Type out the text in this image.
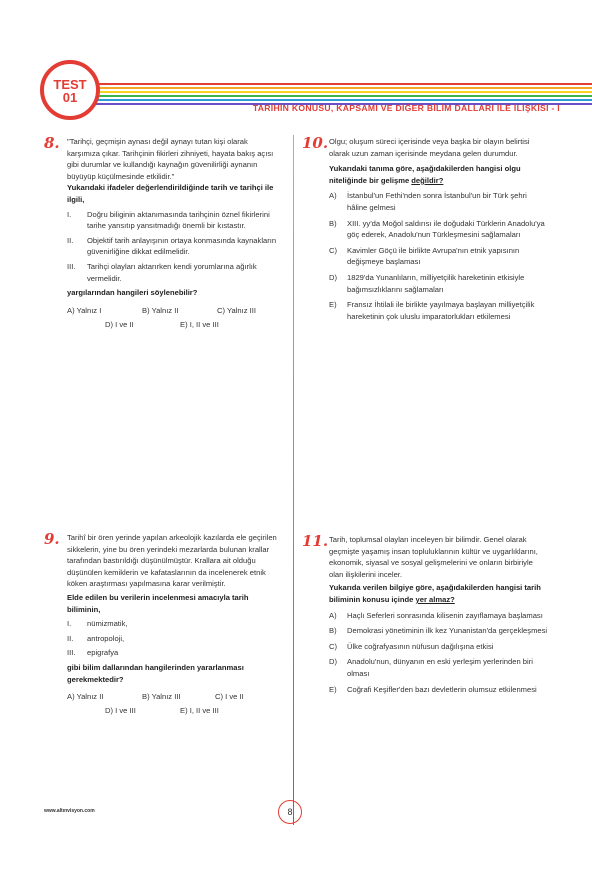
TEST
01
TARİHİN KONUSU, KAPSAMI VE DİĞER BİLİM DALLARI İLE İLİŞKİSİ - I
8. "Tarihçi, geçmişin aynası değil aynayı tutan kişi olarak karşımıza çıkar. Tarihçinin fikirleri zihniyeti, hayata bakış açısı gibi durumlar ve kullandığı kaynağın güvenilirliği aynanın büyüyüp küçülmesinde etkilidir."

Yukarıdaki ifadeler değerlendirildiğinde tarih ve tarihçi ile ilgili,

I.	Doğru biliginin aktanımasında tarihçinin öznel fikirlerini tarihe yansıtıp yansıtmadığı önemli bir kıstastır.
II.	Objektif tarih anlayışının ortaya konmasında kaynakların güvenirliğine dikkat edilmelidir.
III.	Tarihçi olayları aktarırken kendi yorumlarına ağırlık vermelidir.

yargılarından hangileri söylenebilir?

A) Yalnız I	B) Yalnız II	C) Yalnız III
D) I ve II	E) I, II ve III
9. Tarihî bir ören yerinde yapılan arkeolojik kazılarda ele geçirilen sikkelerin, yine bu ören yerindeki mezarlarda bulunan krallar tarafından bastırıldığı düşünülmüştür. Krallara ait olduğu düşünülen kemiklerin ve kafataslarının da incelenerek etnik köken araştırması yapılmasına karar verilmiştir.

Elde edilen bu verilerin incelenmesi amacıyla tarih biliminin,

I.	nümizmatik,
II.	antropoloji,
III.	epigrafya

gibi bilim dallarından hangilerinden yararlanması gerekmektedir?

A) Yalnız II	B) Yalnız III	C) I ve II
D) I ve III	E) I, II ve III
10. Olgu; oluşum süreci içerisinde veya başka bir olayın belirtisi olarak uzun zaman içerisinde meydana gelen durumdur.

Yukarıdaki tanıma göre, aşağıdakilerden hangisi olgu niteliğinde bir gelişme değildir?

A)	İstanbul'un Fethi'nden sonra İstanbul'un bir Türk şehri hâline gelmesi
B)	XIII. yy'da Moğol saldırısı ile doğudaki Türklerin Anadolu'ya göç ederek, Anadolu'nun Türkleşmesini sağlamaları
C)	Kavimler Göçü ile birlikte Avrupa'nın etnik yapısının değişmeye başlaması
D)	1829'da Yunanlıların, milliyetçilik hareketinin etkisiyle bağımsızlıklarını sağlamaları
E)	Fransız İhtilali ile birlikte yayılmaya başlayan milliyetçilik hareketinin çok uluslu imparatorlukları etkilemesi
11. Tarih, toplumsal olayları inceleyen bir bilimdir. Genel olarak geçmişte yaşamış insan topluluklarının kültür ve uygarlıklarını, ekonomik, siyasal ve sosyal gelişmelerini ve onların birbiriyle olan ilişkilerini inceler.

Yukarıda verilen bilgiye göre, aşağıdakilerden hangisi tarih biliminin konusu içinde yer almaz?

A)	Haçlı Seferleri sonrasında kilisenin zayıflamaya başlaması
B)	Demokrasi yönetiminin ilk kez Yunanistan'da gerçekleşmesi
C)	Ülke coğrafyasının nüfusun dağılışına etkisi
D)	Anadolu'nun, dünyanın en eski yerleşim yerlerinden biri olması
E)	Coğrafi Keşifler'den bazı devletlerin olumsuz etkilenmesi
www.altınvisyon.com	8
